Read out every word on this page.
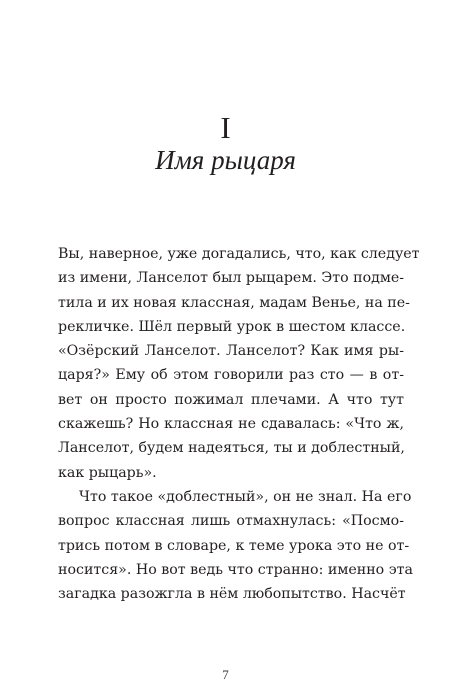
I
Имя рыцаря
Вы, наверное, уже догадались, что, как следует
из имени, Ланселот был рыцарем. Это подме-
тила и их новая классная, мадам Венье, на пе-
рекличке. Шёл первый урок в шестом классе.
«Озёрский Ланселот. Ланселот? Как имя ры-
царя?» Ему об этом говорили раз сто — в от-
вет он просто пожимал плечами. А что тут
скажешь? Но классная не сдавалась: «Что ж,
Ланселот, будем надеяться, ты и доблестный,
как рыцарь».
Что такое «доблестный», он не знал. На его
вопрос классная лишь отмахнулась: «Посмо-
трись потом в словаре, к теме урока это не от-
носится». Но вот ведь что странно: именно эта
загадка разожгла в нём любопытство. Насчёт
7
